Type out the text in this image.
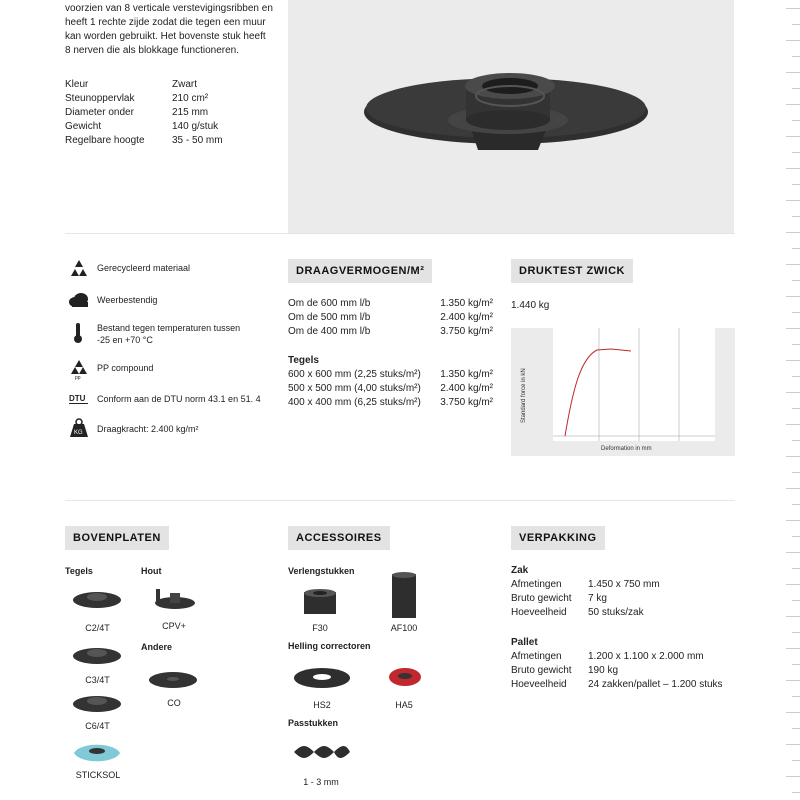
voorzien van 8 verticale verstevigingsribben en
heeft 1 rechte zijde zodat die tegen een muur
kan worden gebruikt. Het bovenste stuk heeft
8 nerven die als blokkage functioneren.
Kleur	Zwart
Steunoppervlak	210 cm²
Diameter onder	215 mm
Gewicht	140 g/stuk
Regelbare hoogte	35 - 50 mm
Gerecycleerd materiaal
Weerbestendig
Bestand tegen temperaturen tussen
-25 en +70 °C
pp
PP compound
DTU Conform aan de DTU norm 43.1 en 51. 4
KG Draagkracht: 2.400 kg/m²
DRAAGVERMOGEN/M²
Om de 600 mm l/b	1.350 kg/m²
Om de 500 mm l/b	2.400 kg/m²
Om de 400 mm l/b	3.750 kg/m²
Tegels
600 x 600 mm (2,25 stuks/m²) 1.350 kg/m²
500 x 500 mm (4,00 stuks/m²) 2.400 kg/m²
400 x 400 mm (6,25 stuks/m²) 3.750 kg/m²
DRUKTEST ZWICK
1.440 kg
Standard force in kN
Deformation in mm
BOVENPLATEN
Tegels	Hout
Andere
C2/4T
C3/4T
C6/4T
STICKSOL
CPV+
CO
ACCESSOIRES
Verlengstukken
F30	AF100
Helling correctoren
HS2	HA5
Passtukken
1 - 3 mm
VERPAKKING
Zak
Afmetingen	1.450 x 750 mm
Bruto gewicht	7 kg
Hoeveelheid	50 stuks/zak
Pallet
Afmetingen	1.200 x 1.100 x 2.000 mm
Bruto gewicht	190 kg
Hoeveelheid	24 zakken/pallet – 1.200 stuks
